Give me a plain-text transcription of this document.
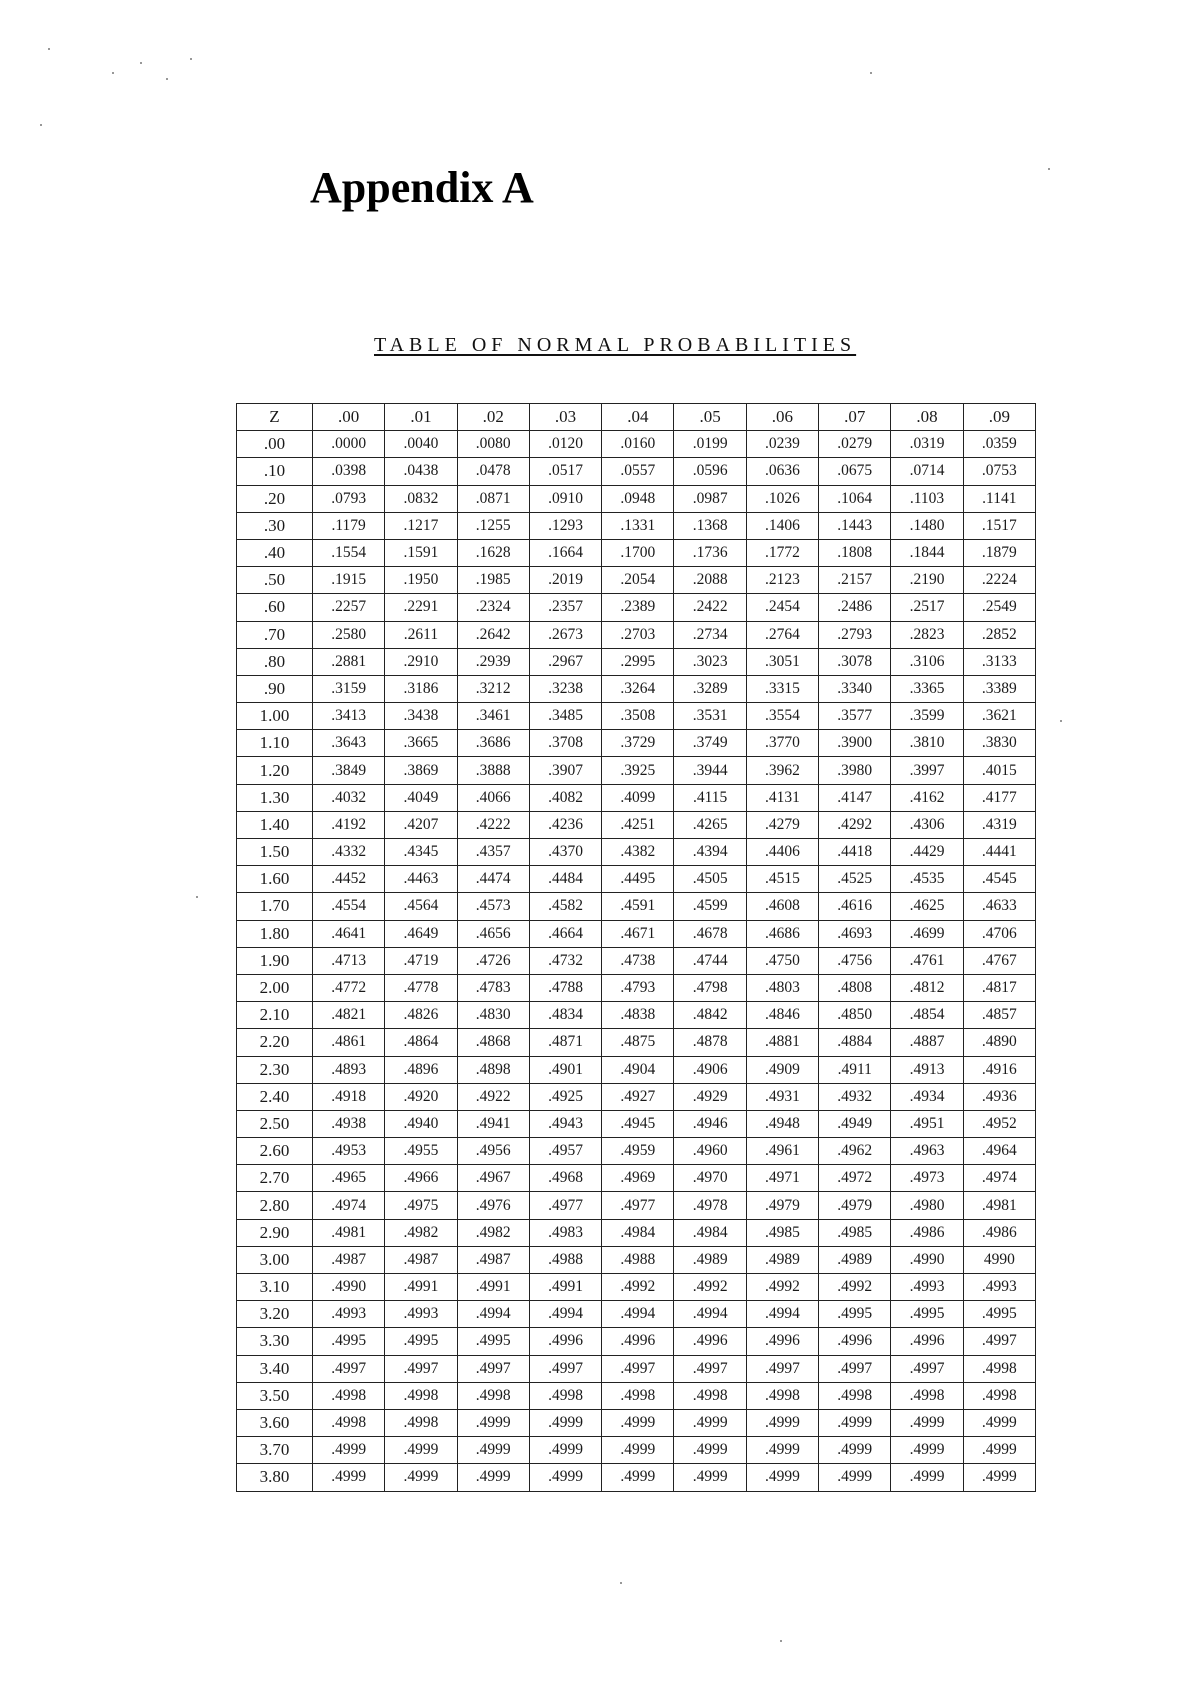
Appendix A
TABLE OF NORMAL PROBABILITIES
Z	.00	.01	.02	.03	.04	.05	.06	.07	.08	.09
.00	.0000	.0040	.0080	.0120	.0160	.0199	.0239	.0279	.0319	.0359
.10	.0398	.0438	.0478	.0517	.0557	.0596	.0636	.0675	.0714	.0753
.20	.0793	.0832	.0871	.0910	.0948	.0987	.1026	.1064	.1103	.1141
.30	.1179	.1217	.1255	.1293	.1331	.1368	.1406	.1443	.1480	.1517
.40	.1554	.1591	.1628	.1664	.1700	.1736	.1772	.1808	.1844	.1879
.50	.1915	.1950	.1985	.2019	.2054	.2088	.2123	.2157	.2190	.2224
.60	.2257	.2291	.2324	.2357	.2389	.2422	.2454	.2486	.2517	.2549
.70	.2580	.2611	.2642	.2673	.2703	.2734	.2764	.2793	.2823	.2852
.80	.2881	.2910	.2939	.2967	.2995	.3023	.3051	.3078	.3106	.3133
.90	.3159	.3186	.3212	.3238	.3264	.3289	.3315	.3340	.3365	.3389
1.00	.3413	.3438	.3461	.3485	.3508	.3531	.3554	.3577	.3599	.3621
1.10	.3643	.3665	.3686	.3708	.3729	.3749	.3770	.3900	.3810	.3830
1.20	.3849	.3869	.3888	.3907	.3925	.3944	.3962	.3980	.3997	.4015
1.30	.4032	.4049	.4066	.4082	.4099	.4115	.4131	.4147	.4162	.4177
1.40	.4192	.4207	.4222	.4236	.4251	.4265	.4279	.4292	.4306	.4319
1.50	.4332	.4345	.4357	.4370	.4382	.4394	.4406	.4418	.4429	.4441
1.60	.4452	.4463	.4474	.4484	.4495	.4505	.4515	.4525	.4535	.4545
1.70	.4554	.4564	.4573	.4582	.4591	.4599	.4608	.4616	.4625	.4633
1.80	.4641	.4649	.4656	.4664	.4671	.4678	.4686	.4693	.4699	.4706
1.90	.4713	.4719	.4726	.4732	.4738	.4744	.4750	.4756	.4761	.4767
2.00	.4772	.4778	.4783	.4788	.4793	.4798	.4803	.4808	.4812	.4817
2.10	.4821	.4826	.4830	.4834	.4838	.4842	.4846	.4850	.4854	.4857
2.20	.4861	.4864	.4868	.4871	.4875	.4878	.4881	.4884	.4887	.4890
2.30	.4893	.4896	.4898	.4901	.4904	.4906	.4909	.4911	.4913	.4916
2.40	.4918	.4920	.4922	.4925	.4927	.4929	.4931	.4932	.4934	.4936
2.50	.4938	.4940	.4941	.4943	.4945	.4946	.4948	.4949	.4951	.4952
2.60	.4953	.4955	.4956	.4957	.4959	.4960	.4961	.4962	.4963	.4964
2.70	.4965	.4966	.4967	.4968	.4969	.4970	.4971	.4972	.4973	.4974
2.80	.4974	.4975	.4976	.4977	.4977	.4978	.4979	.4979	.4980	.4981
2.90	.4981	.4982	.4982	.4983	.4984	.4984	.4985	.4985	.4986	.4986
3.00	.4987	.4987	.4987	.4988	.4988	.4989	.4989	.4989	.4990	4990
3.10	.4990	.4991	.4991	.4991	.4992	.4992	.4992	.4992	.4993	.4993
3.20	.4993	.4993	.4994	.4994	.4994	.4994	.4994	.4995	.4995	.4995
3.30	.4995	.4995	.4995	.4996	.4996	.4996	.4996	.4996	.4996	.4997
3.40	.4997	.4997	.4997	.4997	.4997	.4997	.4997	.4997	.4997	.4998
3.50	.4998	.4998	.4998	.4998	.4998	.4998	.4998	.4998	.4998	.4998
3.60	.4998	.4998	.4999	.4999	.4999	.4999	.4999	.4999	.4999	.4999
3.70	.4999	.4999	.4999	.4999	.4999	.4999	.4999	.4999	.4999	.4999
3.80	.4999	.4999	.4999	.4999	.4999	.4999	.4999	.4999	.4999	.4999
